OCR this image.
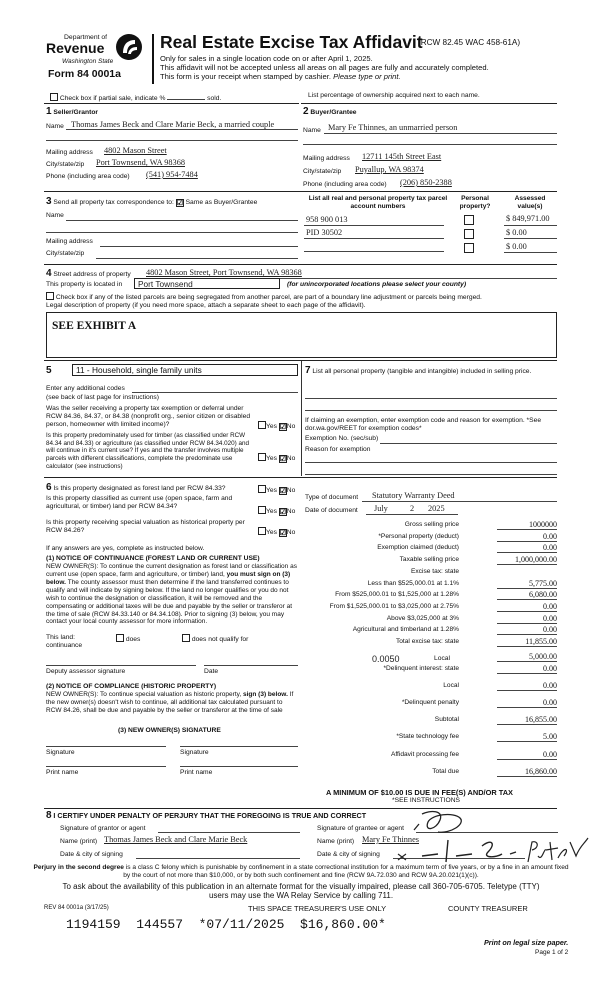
Department of
Revenue
Washington State
Form 84 0001a
Real Estate Excise Tax Affidavit
(RCW 82.45 WAC 458-61A)
Only for sales in a single location code on or after April 1, 2025.
This affidavit will not be accepted unless all areas on all pages are fully and accurately completed.
This form is your receipt when stamped by cashier. Please type or print.
Check box if partial sale, indicate %	sold.	List percentage of ownership acquired next to each name.
1 Seller/Grantor
Name Thomas James Beck and Clare Marie Beck, a married couple
Mailing address 4802 Mason Street
City/state/zip Port Townsend, WA 98368
Phone (including area code) (541) 954-7484
2 Buyer/Grantee
Name Mary Fe Thinnes, an unmarried person
Mailing address 12711 145th Street East
City/state/zip Puyallup, WA 98374
Phone (including area code) (206) 850-2388
3 Send all property tax correspondence to: ☑ Same as Buyer/Grantee
Name
Mailing address
City/state/zip
List all real and personal property tax parcel account numbers
Personal property?
Assessed value(s)
958 900 013	$ 849,971.00
PID 30502	$ 0.00
$ 0.00
4 Street address of property 4802 Mason Street, Port Townsend, WA 98368
This property is located in	Port Townsend	(for unincorporated locations please select your county)
Check box if any of the listed parcels are being segregated from another parcel, are part of a boundary line adjustment or parcels being merged.
Legal description of property (if you need more space, attach a separate sheet to each page of the affidavit).
SEE EXHIBIT A
5	11 - Household, single family units
Enter any additional codes
(see back of last page for instructions)
Was the seller receiving a property tax exemption or deferral under RCW 84.36, 84.37, or 84.38 (nonprofit org., senior citizen or disabled person, homeowner with limited income)?	Yes ☑No
Is this property predominately used for timber (as classified under RCW 84.34 and 84.33) or agriculture (as classified under RCW 84.34.020) and will continue in it's current use? If yes and the transfer involves multiple parcels with different classifications, complete the predominate use calculator (see instructions)
Yes ☑No
7 List all personal property (tangible and intangible) included in selling price.
If claiming an exemption, enter exemption code and reason for exemption. *See dor.wa.gov/REET for exemption codes*
Exemption No. (sec/sub)
Reason for exemption
6 Is this property designated as forest land per RCW 84.33?	Yes ☑No
Is this property classified as current use (open space, farm and agricultural, or timber) land per RCW 84.34?
Yes ☑No
Is this property receiving special valuation as historical property per RCW 84.26?	Yes ☑No
If any answers are yes, complete as instructed below.
(1) NOTICE OF CONTINUANCE (FOREST LAND OR CURRENT USE)
NEW OWNER(S): To continue the current designation as forest land or classification as current use (open space, farm and agriculture, or timber) land, you must sign on (3) below. The county assessor must then determine if the land transferred continues to qualify and will indicate by signing below. If the land no longer qualifies or you do not wish to continue the designation or classification, it will be removed and the compensating or additional taxes will be due and payable by the seller or transferor at the time of sale (RCW 84.33.140 or 84.34.108). Prior to signing (3) below, you may contact your local county assessor for more information.
This land:
continuance
does	does not qualify for
Deputy assessor signature	Date
(2) NOTICE OF COMPLIANCE (HISTORIC PROPERTY)
NEW OWNER(S): To continue special valuation as historic property, sign (3) below. If the new owner(s) doesn't wish to continue, all additional tax calculated pursuant to RCW 84.26, shall be due and payable by the seller or transferor at the time of sale
(3) NEW OWNER(S) SIGNATURE
Signature	Signature
Print name	Print name
Type of document Statutory Warranty Deed
Date of document July	2 2025
Gross selling price	1000000
*Personal property (deduct)	0.00
Exemption claimed (deduct)	0.00
Taxable selling price	1,000,000.00
Excise tax: state
Less than $525,000.01 at 1.1%	5,775.00
From $525,000.01 to $1,525,000 at 1.28%	6,080.00
From $1,525,000.01 to $3,025,000 at 2.75%	0.00
Above $3,025,000 at 3%	0.00
Agricultural and timberland at 1.28%	0.00
Total excise tax: state	11,855.00
*Delinquent interest: state	0.00
Local	0.00
*Delinquent penalty	0.00
Subtotal	16,855.00
*State technology fee	5.00
Affidavit processing fee	0.00
Total due	16,860.00
0.0050	Local	5,000.00
A MINIMUM OF $10.00 IS DUE IN FEE(S) AND/OR TAX
*SEE INSTRUCTIONS
8 I CERTIFY UNDER PENALTY OF PERJURY THAT THE FOREGOING IS TRUE AND CORRECT
Signature of grantor or agent
Name (print) Thomas James Beck and Clare Marie Beck
Date & city of signing
Signature of grantee or agent
Name (print) Mary Fe Thinnes
Date & city of signing
Perjury in the second degree is a class C felony which is punishable by confinement in a state correctional institution for a maximum term of five years, or by a fine in an amount fixed by the court of not more than $10,000, or by both such confinement and fine (RCW 9A.72.030 and RCW 9A.20.021(1)(c)).
To ask about the availability of this publication in an alternate format for the visually impaired, please call 360-705-6705. Teletype (TTY) users may use the WA Relay Service by calling 711.
REV 84 0001a (3/17/25)	THIS SPACE TREASURER'S USE ONLY	COUNTY TREASURER
1194159  144557  *07/11/2025  $16,860.00*
Print on legal size paper.
Page 1 of 2
